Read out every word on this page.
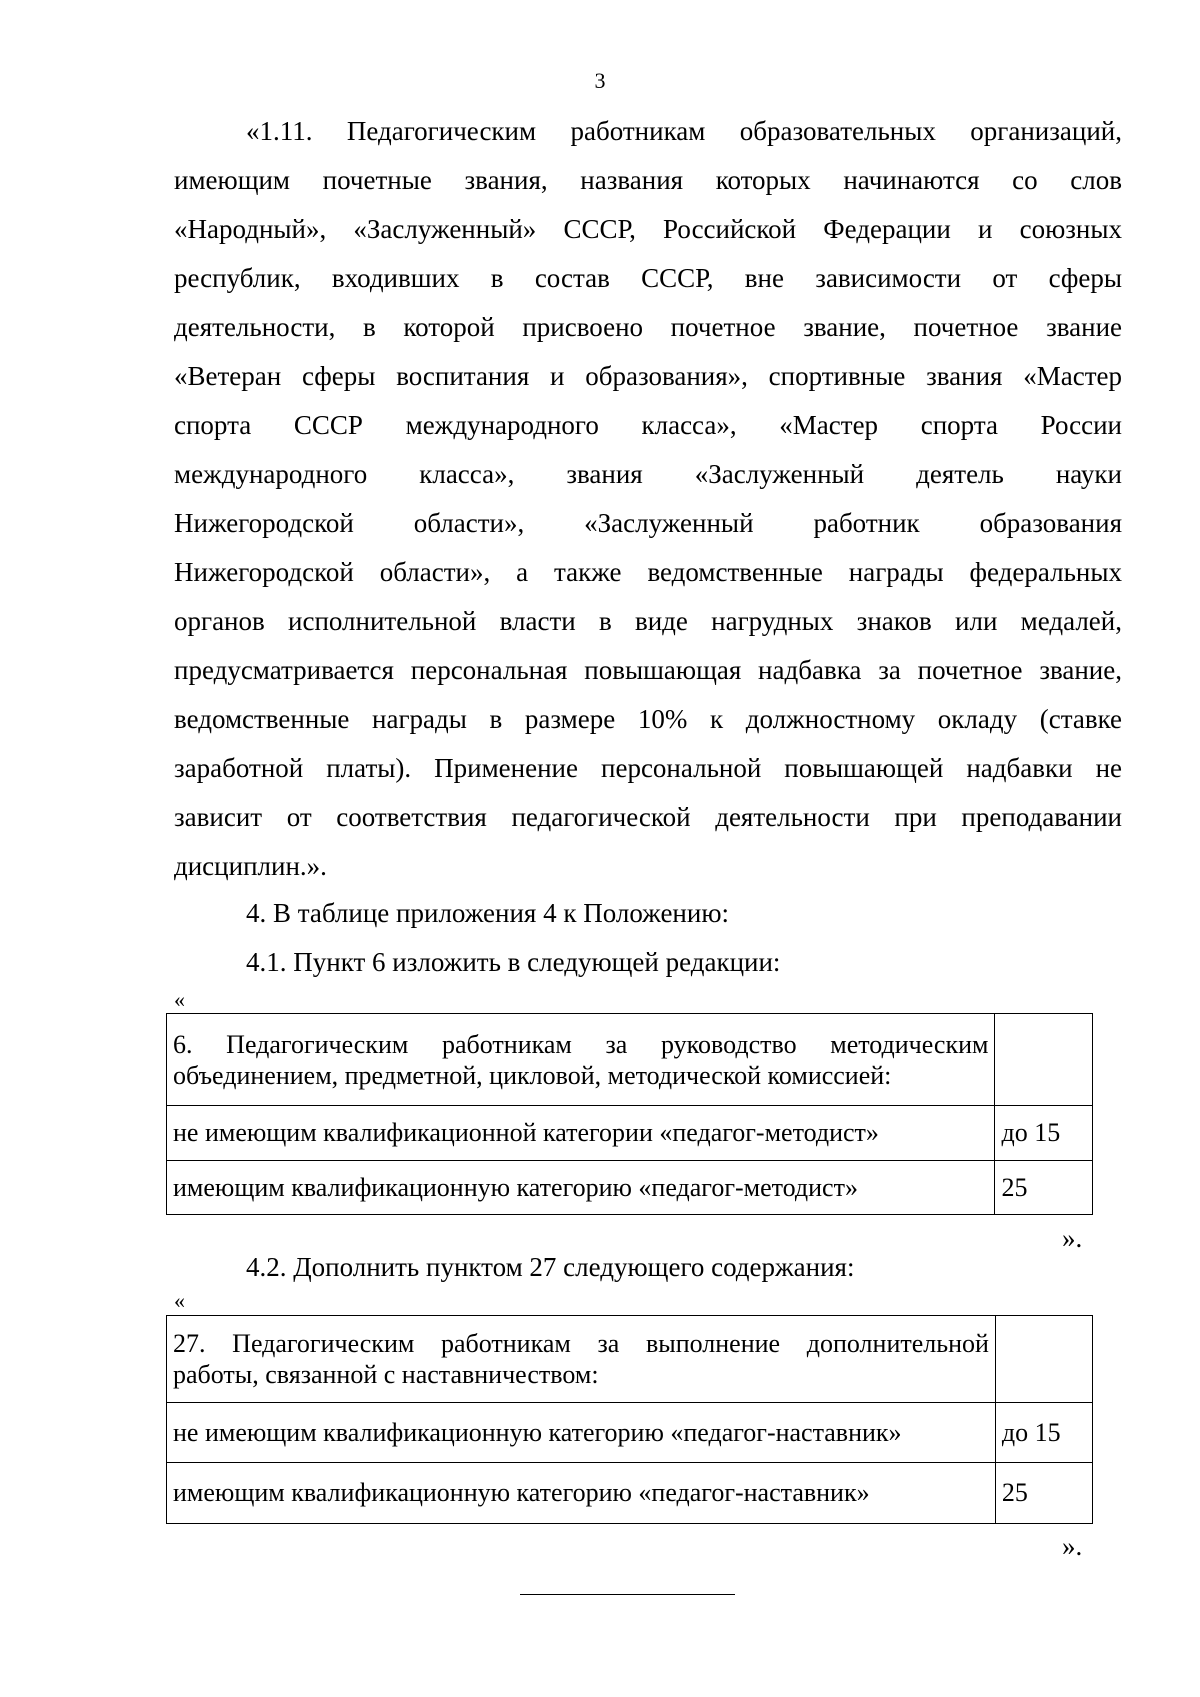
3
«1.11. Педагогическим работникам образовательных организаций,
имеющим почетные звания, названия которых начинаются со слов
«Народный», «Заслуженный» СССР, Российской Федерации и союзных
республик, входивших в состав СССР, вне зависимости от сферы
деятельности, в которой присвоено почетное звание, почетное звание
«Ветеран сферы воспитания и образования», спортивные звания «Мастер
спорта СССР международного класса», «Мастер спорта России
международного класса», звания «Заслуженный деятель науки
Нижегородской области», «Заслуженный работник образования
Нижегородской области», а также ведомственные награды федеральных
органов исполнительной власти в виде нагрудных знаков или медалей,
предусматривается персональная повышающая надбавка за почетное звание,
ведомственные награды в размере 10% к должностному окладу (ставке
заработной платы). Применение персональной повышающей надбавки не
зависит от соответствия педагогической деятельности при преподавании
дисциплин.».
4. В таблице приложения 4 к Положению:
4.1. Пункт 6 изложить в следующей редакции:
«
6. Педагогическим работникам за руководство методическим
объединением, предметной, цикловой, методической комиссией:	

не имеющим квалификационной категории «педагог-методист»	до 15
имеющим квалификационную категорию «педагог-методист»	25
».
4.2. Дополнить пунктом 27 следующего содержания:
«
27. Педагогическим работникам за выполнение дополнительной
работы, связанной с наставничеством:	

не имеющим квалификационную категорию «педагог-наставник»	до 15
имеющим квалификационную категорию «педагог-наставник»	25
».
